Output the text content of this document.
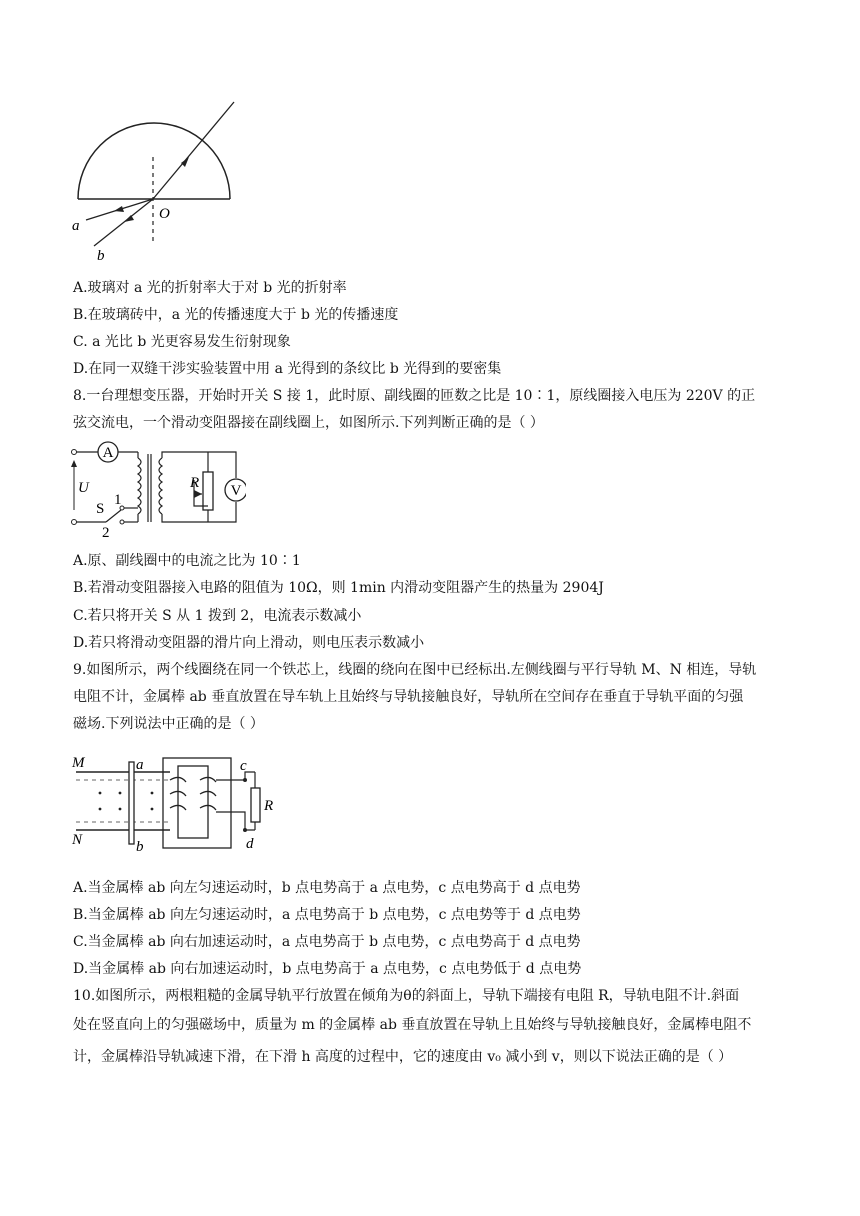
a
b
O
A.玻璃对 a 光的折射率大于对 b 光的折射率
B.在玻璃砖中，a 光的传播速度大于 b 光的传播速度
C. a 光比 b 光更容易发生衍射现象
D.在同一双缝干涉实验装置中用 a 光得到的条纹比 b 光得到的要密集
8.一台理想变压器，开始时开关 S 接 1，此时原、副线圈的匝数之比是 10∶1，原线圈接入电压为 220V 的正
弦交流电，一个滑动变阻器接在副线圈上，如图所示.下列判断正确的是（ ）
A
U
S
1
2
V
R
A.原、副线圈中的电流之比为 10∶1
B.若滑动变阻器接入电路的阻值为 10Ω，则 1min 内滑动变阻器产生的热量为 2904J
C.若只将开关 S 从 1 拨到 2，电流表示数减小
D.若只将滑动变阻器的滑片向上滑动，则电压表示数减小
9.如图所示，两个线圈绕在同一个铁芯上，线圈的绕向在图中已经标出.左侧线圈与平行导轨 M、N 相连，导轨
电阻不计，金属棒 ab 垂直放置在导车轨上且始终与导轨接触良好，导轨所在空间存在垂直于导轨平面的匀强
磁场.下列说法中正确的是（ ）
M
N
a
b
c
d
R
A.当金属棒 ab 向左匀速运动时，b 点电势高于 a 点电势，c 点电势高于 d 点电势
B.当金属棒 ab 向左匀速运动时，a 点电势高于 b 点电势，c 点电势等于 d 点电势
C.当金属棒 ab 向右加速运动时，a 点电势高于 b 点电势，c 点电势高于 d 点电势
D.当金属棒 ab 向右加速运动时，b 点电势高于 a 点电势，c 点电势低于 d 点电势
10.如图所示，两根粗糙的金属导轨平行放置在倾角为θ的斜面上，导轨下端接有电阻 R，导轨电阻不计.斜面
处在竖直向上的匀强磁场中，质量为 m 的金属棒 ab 垂直放置在导轨上且始终与导轨接触良好，金属棒电阻不
计，金属棒沿导轨减速下滑，在下滑 h 高度的过程中，它的速度由 v₀ 减小到 v，则以下说法正确的是（ ）
